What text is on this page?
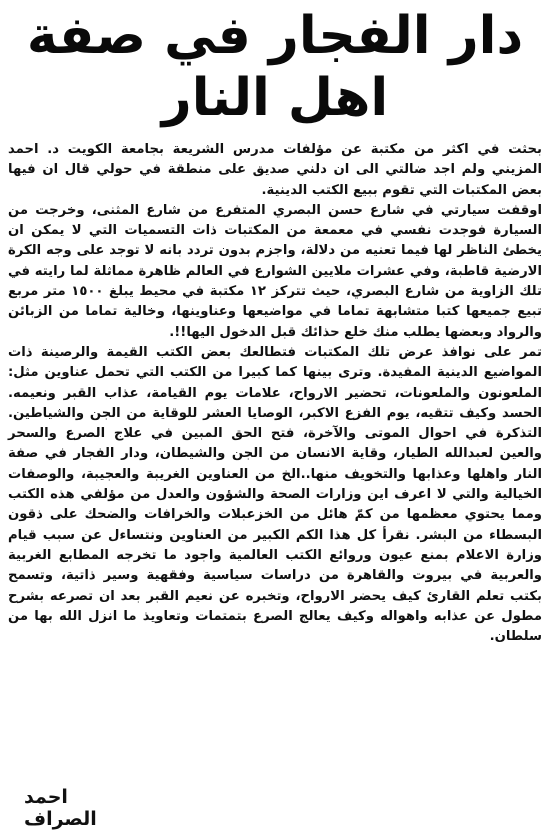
دار الفجار في صفة
اهل النار

بحثت في اكثر من مكتبة عن مؤلفات مدرس الشريعة بجامعة الكويت د. احمد المزيني ولم اجد ضالتي الى ان دلني صديق على منطقة في حولي قال ان فيها بعض المكتبات التي تقوم ببيع الكتب الدينية.

اوقفت سيارتي في شارع حسن البصري المتفرع من شارع المثنى، وخرجت من السيارة فوجدت نفسي في معمعة من المكتبات ذات التسميات التي لا يمكن ان يخطئ الناظر لها فيما تعنيه من دلالة، واجزم بدون تردد بانه لا توجد على وجه الكرة الارضية قاطبة، وفي عشرات ملايين الشوارع في العالم ظاهرة مماثلة لما رايته في تلك الزاوية من شارع البصري، حيث تتركز ١٢ مكتبة في محيط يبلغ ١٥٠٠ متر مربع تبيع جميعها كتبا متشابهة تماما في مواضيعها وعناوينها، وخالية تماما من الزبائن والرواد وبعضها يطلب منك خلع حذائك قبل الدخول اليها!!.

تمر على نوافذ عرض تلك المكتبات فتطالعك بعض الكتب القيمة والرصينة ذات المواضيع الدينية المفيدة. وترى بينها كما كبيرا من الكتب التي تحمل عناوين مثل: الملعونون والملعونات، تحضير الارواح، علامات يوم القيامة، عذاب القبر ونعيمه. الحسد وكيف تتقيه، يوم الفزع الاكبر، الوصايا العشر للوقاية من الجن والشياطين. التذكرة في احوال الموتى والآخرة، فتح الحق المبين في علاج الصرع والسحر والعين لعبدالله الطيار، وقاية الانسان من الجن والشيطان، ودار الفجار في صفة النار واهلها وعذابها والتخويف منها..الخ من العناوين الغريبة والعجيبة، والوصفات الخيالية والتي لا اعرف اين وزارات الصحة والشؤون والعدل من مؤلفي هذه الكتب ومما يحتوي معظمها من كمّ هائل من الخزعبلات والخرافات والضحك على ذقون البسطاء من البشر. نقرأ كل هذا الكم الكبير من العناوين ونتساءل عن سبب قيام وزارة الاعلام بمنع عيون وروائع الكتب العالمية واجود ما تخرجه المطابع الغربية والعربية في بيروت والقاهرة من دراسات سياسية وفقهية وسير ذاتية، وتسمح بكتب تعلم القارئ كيف يحضر الارواح، وتخبره عن نعيم القبر بعد ان تصرعه بشرح مطول عن عذابه واهواله وكيف يعالج الصرع بتمتمات وتعاويذ ما انزل الله بها من سلطان.

احمد الصراف
